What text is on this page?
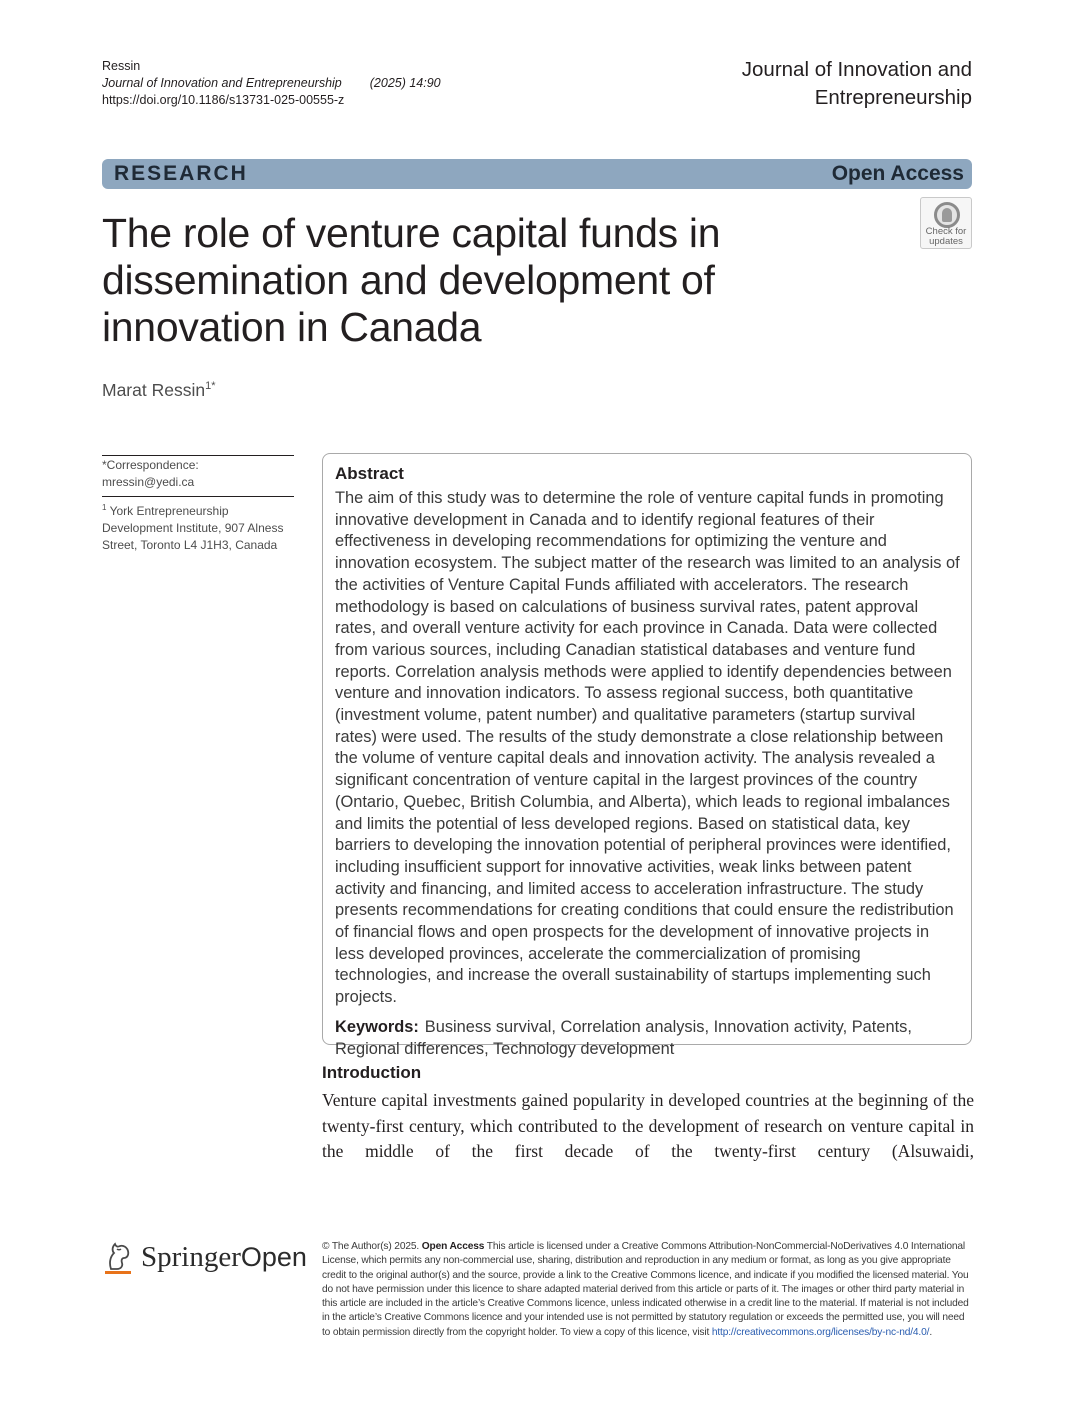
Ressin
Journal of Innovation and Entrepreneurship (2025) 14:90
https://doi.org/10.1186/s13731-025-00555-z
Journal of Innovation and
Entrepreneurship
RESEARCH	Open Access
The role of venture capital funds in dissemination and development of innovation in Canada
Check for
updates
Marat Ressin$^{1*}$
*Correspondence:
mressin@yedi.ca
$^1$ York Entrepreneurship Development Institute, 907 Alness Street, Toronto L4 J1H3, Canada
Abstract

The aim of this study was to determine the role of venture capital funds in promoting innovative development in Canada and to identify regional features of their effectiveness in developing recommendations for optimizing the venture and innovation ecosystem. The subject matter of the research was limited to an analysis of the activities of Venture Capital Funds affiliated with accelerators. The research methodology is based on calculations of business survival rates, patent approval rates, and overall venture activity for each province in Canada. Data were collected from various sources, including Canadian statistical databases and venture fund reports. Correlation analysis methods were applied to identify dependencies between venture and innovation indicators. To assess regional success, both quantitative (investment volume, patent number) and qualitative parameters (startup survival rates) were used. The results of the study demonstrate a close relationship between the volume of venture capital deals and innovation activity. The analysis revealed a significant concentration of venture capital in the largest provinces of the country (Ontario, Quebec, British Columbia, and Alberta), which leads to regional imbalances and limits the potential of less developed regions. Based on statistical data, key barriers to developing the innovation potential of peripheral provinces were identified, including insufficient support for innovative activities, weak links between patent activity and financing, and limited access to acceleration infrastructure. The study presents recommendations for creating conditions that could ensure the redistribution of financial flows and open prospects for the development of innovative projects in less developed provinces, accelerate the commercialization of promising technologies, and increase the overall sustainability of startups implementing such projects.

Keywords: Business survival, Correlation analysis, Innovation activity, Patents, Regional differences, Technology development

Introduction

Venture capital investments gained popularity in developed countries at the beginning of the twenty-first century, which contributed to the development of research on venture capital in the middle of the first decade of the twenty-first century (Alsuwaidi,

SpringerOpen © The Author(s) 2025. Open Access This article is licensed under a Creative Commons Attribution-NonCommercial-NoDerivatives 4.0 International License, which permits any non-commercial use, sharing, distribution and reproduction in any medium or format, as long as you give appropriate credit to the original author(s) and the source, provide a link to the Creative Commons licence, and indicate if you modified the licensed material. You do not have permission under this licence to share adapted material derived from this article or parts of it. The images or other third party material in this article are included in the article’s Creative Commons licence, unless indicated otherwise in a credit line to the material. If material is not included in the article’s Creative Commons licence and your intended use is not permitted by statutory regulation or exceeds the permitted use, you will need to obtain permission directly from the copyright holder. To view a copy of this licence, visit http://creativecommons.org/licenses/by-nc-nd/4.0/.
